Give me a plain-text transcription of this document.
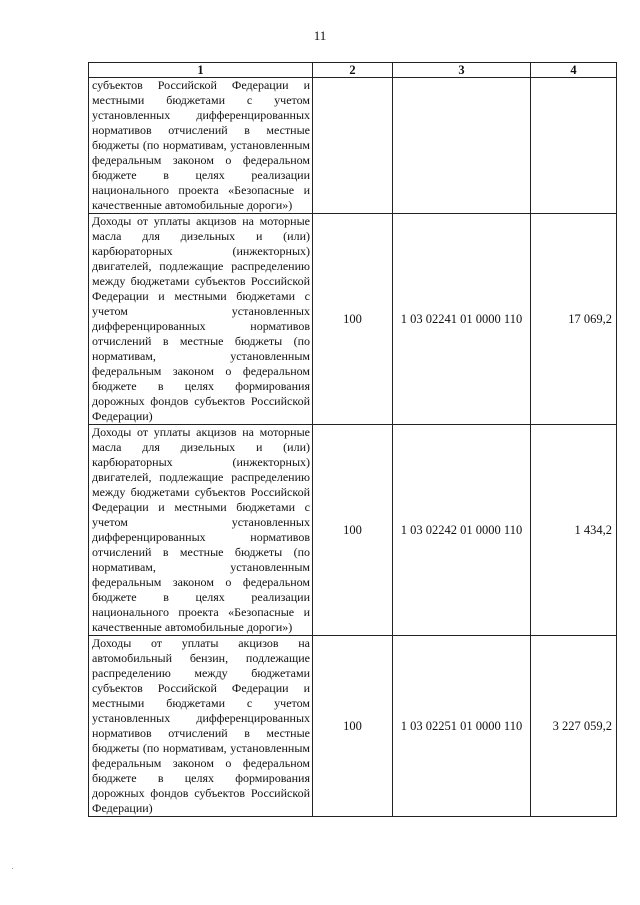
11
1	2	3	4
субъектов Российской Федерации и местными бюджетами с учетом установленных дифференцированных нормативов отчислений в местные бюджеты (по нормативам, установленным федеральным законом о федеральном бюджете в целях реализации национального проекта «Безопасные и качественные автомобильные дороги»)			
Доходы от уплаты акцизов на моторные масла для дизельных и (или) карбюраторных (инжекторных) двигателей, подлежащие распределению между бюджетами субъектов Российской Федерации и местными бюджетами с учетом установленных дифференцированных нормативов отчислений в местные бюджеты (по нормативам, установленным федеральным законом о федеральном бюджете в целях формирования дорожных фондов субъектов Российской Федерации)	100	1 03 02241 01 0000 110	17 069,2
Доходы от уплаты акцизов на моторные масла для дизельных и (или) карбюраторных (инжекторных) двигателей, подлежащие распределению между бюджетами субъектов Российской Федерации и местными бюджетами с учетом установленных дифференцированных нормативов отчислений в местные бюджеты (по нормативам, установленным федеральным законом о федеральном бюджете в целях реализации национального проекта «Безопасные и качественные автомобильные дороги»)	100	1 03 02242 01 0000 110	1 434,2
Доходы от уплаты акцизов на автомобильный бензин, подлежащие распределению между бюджетами субъектов Российской Федерации и местными бюджетами с учетом установленных дифференцированных нормативов отчислений в местные бюджеты (по нормативам, установленным федеральным законом о федеральном бюджете в целях формирования дорожных фондов субъектов Российской Федерации)	100	1 03 02251 01 0000 110	3 227 059,2
